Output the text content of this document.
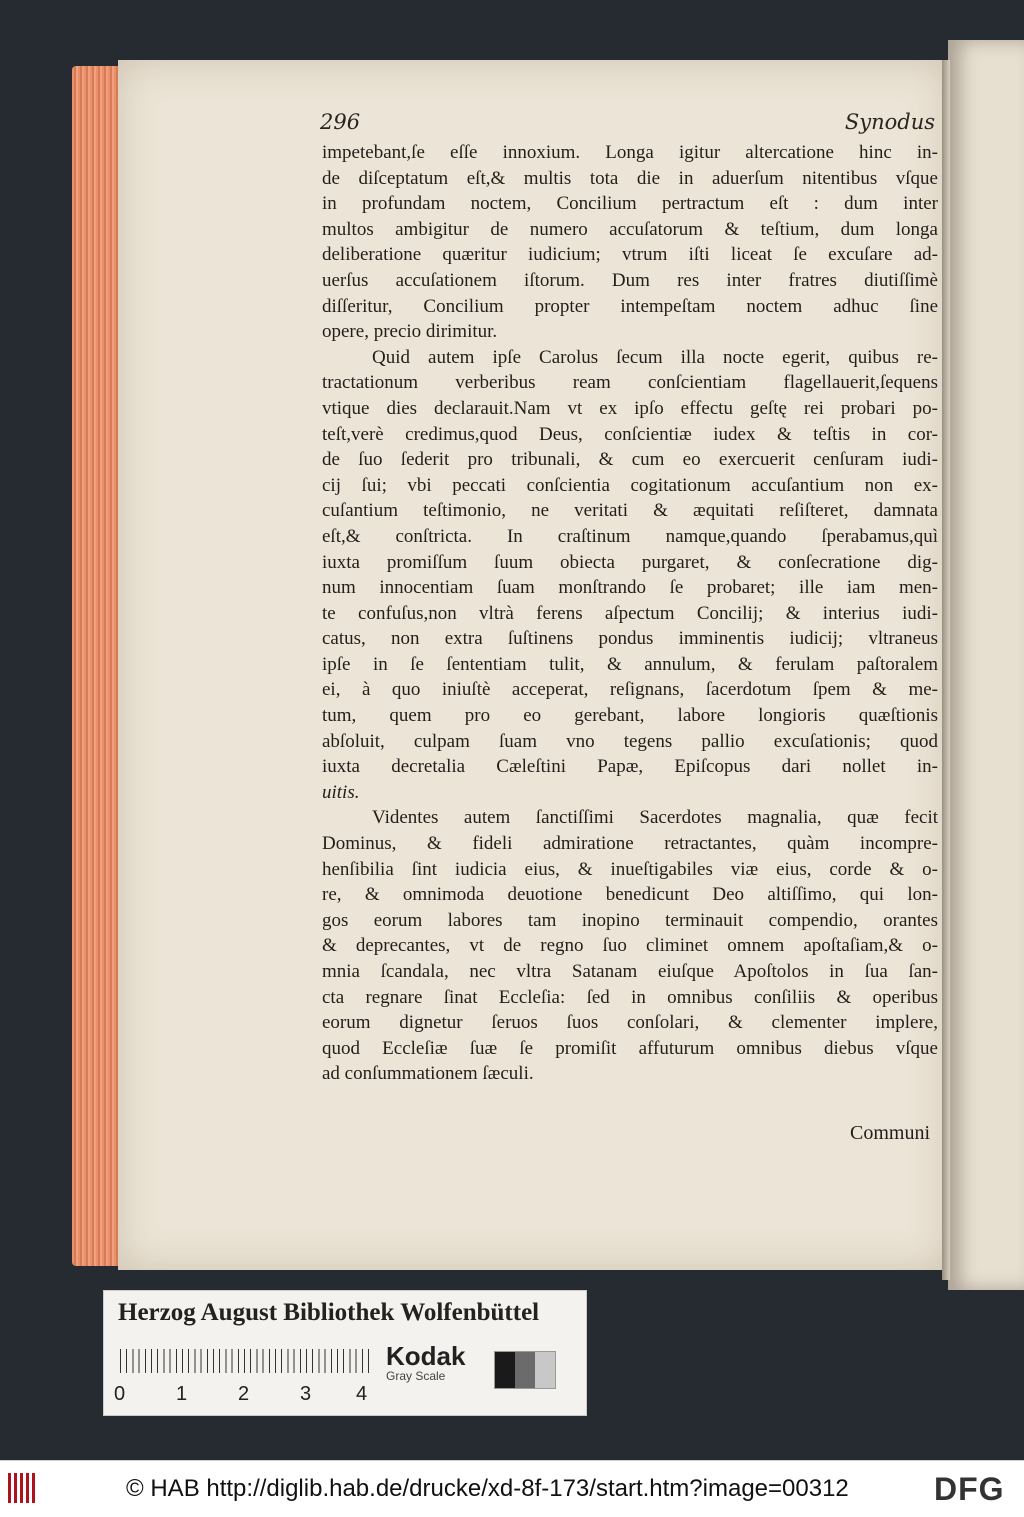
296	Synodus
impetebant,ſe eſſe innoxium. Longa igitur altercatione hinc in-
de diſceptatum eſt,& multis tota die in aduerſum nitentibus vſque
in profundam noctem, Concilium pertractum eſt : dum inter
multos ambigitur de numero accuſatorum & teſtium, dum longa
deliberatione quæritur iudicium; vtrum iſti liceat ſe excuſare ad-
uerſus accuſationem iſtorum. Dum res inter fratres diutiſſimè
diſſeritur, Concilium propter intempeſtam noctem adhuc ſine
opere, precio dirimitur.
Quid autem ipſe Carolus ſecum illa nocte egerit, quibus re-
tractationum verberibus ream conſcientiam flagellauerit,ſequens
vtique dies declarauit.Nam vt ex ipſo effectu geſtę rei probari po-
teſt,verè credimus,quod Deus, conſcientiæ iudex & teſtis in cor-
de ſuo ſederit pro tribunali, & cum eo exercuerit cenſuram iudi-
cij ſui; vbi peccati conſcientia cogitationum accuſantium non ex-
cuſantium teſtimonio, ne veritati & æquitati reſiſteret, damnata
eſt,& conſtricta. In craſtinum namque,quando ſperabamus,quì
iuxta promiſſum ſuum obiecta purgaret, & conſecratione dig-
num innocentiam ſuam monſtrando ſe probaret; ille iam men-
te confuſus,non vltrà ferens aſpectum Concilij; & interius iudi-
catus, non extra ſuſtinens pondus imminentis iudicij; vltraneus
ipſe in ſe ſententiam tulit, & annulum, & ferulam paſtoralem
ei, à quo iniuſtè acceperat, reſignans, ſacerdotum ſpem & me-
tum, quem pro eo gerebant, labore longioris quæſtionis
abſoluit, culpam ſuam vno tegens pallio excuſationis; quod
iuxta decretalia Cæleſtini Papæ, Epiſcopus dari nollet in-
uitis.
Videntes autem ſanctiſſimi Sacerdotes magnalia, quæ fecit
Dominus, & fideli admiratione retractantes, quàm incompre-
henſibilia ſint iudicia eius, & inueſtigabiles viæ eius, corde & o-
re, & omnimoda deuotione benedicunt Deo altiſſimo, qui lon-
gos eorum labores tam inopino terminauit compendio, orantes
& deprecantes, vt de regno ſuo climinet omnem apoſtaſiam,& o-
mnia ſcandala, nec vltra Satanam eiuſque Apoſtolos in ſua ſan-
cta regnare ſinat Eccleſia: ſed in omnibus conſiliis & operibus
eorum dignetur ſeruos ſuos conſolari, & clementer implere,
quod Eccleſiæ ſuæ ſe promiſit affuturum omnibus diebus vſque
ad conſummationem ſæculi.
Communi
Herzog August Bibliothek Wolfenbüttel
0	1	2	3 4
Kodak
Gray Scale
© HAB http://diglib.hab.de/drucke/xd-8f-173/start.htm?image=00312	DFG
